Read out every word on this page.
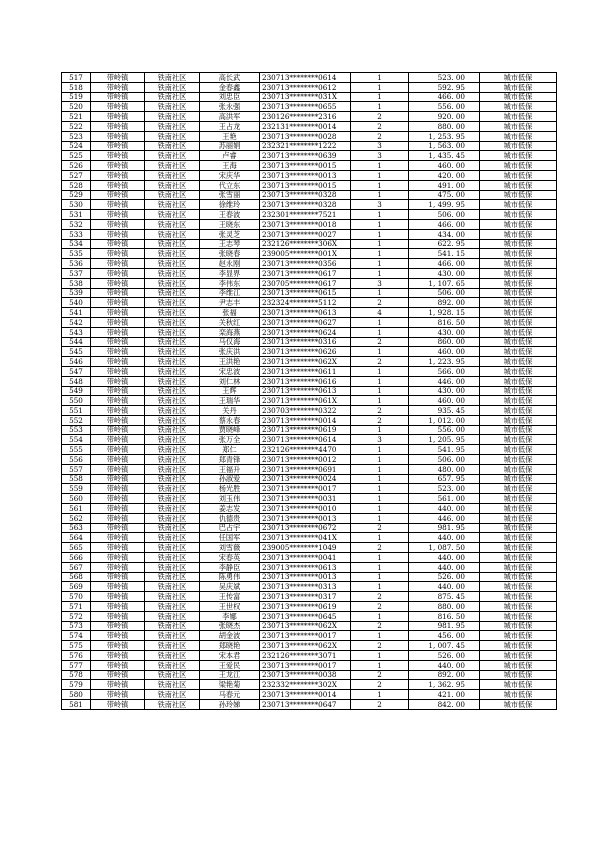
517	带岭镇	铁南社区	高长武	230713********0614	1	523. 00	城市低保
518	带岭镇	铁南社区	金春鑫	230713********0612	1	592. 95	城市低保
519	带岭镇	铁南社区	刘忠臣	230713********031X	1	466. 00	城市低保
520	带岭镇	铁南社区	张永强	230713********0655	1	556. 00	城市低保
521	带岭镇	铁南社区	高洪军	230126********2316	2	920. 00	城市低保
522	带岭镇	铁南社区	王占龙	232131********0014	2	880. 00	城市低保
523	带岭镇	铁南社区	王艳	230713********0028	2	1, 253. 95	城市低保
524	带岭镇	铁南社区	苏丽娟	232321********1222	3	1, 563. 00	城市低保
525	带岭镇	铁南社区	卢睿	230713********0639	3	1, 435. 45	城市低保
526	带岭镇	铁南社区	王海	230713********0015	1	460. 00	城市低保
527	带岭镇	铁南社区	宋庆华	230713********0013	1	420. 00	城市低保
528	带岭镇	铁南社区	代立东	230713********0015	1	491. 00	城市低保
529	带岭镇	铁南社区	张雪丽	230713********0328	1	475. 00	城市低保
530	带岭镇	铁南社区	徐维玲	230713********0328	3	1, 499. 95	城市低保
531	带岭镇	铁南社区	王春波	232301********7521	1	506. 00	城市低保
532	带岭镇	铁南社区	王晓东	230713********0018	1	466. 00	城市低保
533	带岭镇	铁南社区	张灵芝	230713********0027	1	434. 00	城市低保
534	带岭镇	铁南社区	王志琴	232126********306X	1	622. 95	城市低保
535	带岭镇	铁南社区	张晓春	239005********001X	1	541. 15	城市低保
536	带岭镇	铁南社区	赵永刚	230713********0356	1	466. 00	城市低保
537	带岭镇	铁南社区	李显界	230713********0617	1	430. 00	城市低保
538	带岭镇	铁南社区	李伟东	230705********0617	3	1, 107. 65	城市低保
539	带岭镇	铁南社区	李维江	230713********0615	1	506. 00	城市低保
540	带岭镇	铁南社区	尹志丰	232324********5112	2	892. 00	城市低保
541	带岭镇	铁南社区	张福	230713********0613	4	1, 928. 15	城市低保
542	带岭镇	铁南社区	关秋红	230713********0627	1	816. 50	城市低保
543	带岭镇	铁南社区	栾海燕	230713********0624	1	430. 00	城市低保
544	带岭镇	铁南社区	马仅海	230713********0316	2	860. 00	城市低保
545	带岭镇	铁南社区	张庆洪	230713********0626	1	460. 00	城市低保
546	带岭镇	铁南社区	王洪艳	230713********062X	2	1, 223. 95	城市低保
547	带岭镇	铁南社区	宋忠波	230713********0611	1	566. 00	城市低保
548	带岭镇	铁南社区	刘仁林	230713********0616	1	446. 00	城市低保
549	带岭镇	铁南社区	王辉	230713********0613	1	430. 00	城市低保
550	带岭镇	铁南社区	王瑞华	230713********061X	1	460. 00	城市低保
551	带岭镇	铁南社区	关丹	230703********0322	2	935. 45	城市低保
552	带岭镇	铁南社区	蔡永春	230713********0014	2	1, 012. 00	城市低保
553	带岭镇	铁南社区	贾晓峰	230713********0619	1	556. 00	城市低保
554	带岭镇	铁南社区	张万全	230713********0614	3	1, 205. 95	城市低保
555	带岭镇	铁南社区	郑仁	232126********4470	1	541. 95	城市低保
556	带岭镇	铁南社区	郑青锋	230713********0012	1	506. 00	城市低保
557	带岭镇	铁南社区	王福升	230713********0691	1	480. 00	城市低保
558	带岭镇	铁南社区	孙淑爱	230713********0024	1	657. 95	城市低保
559	带岭镇	铁南社区	杨光胜	230713********0017	1	523. 00	城市低保
560	带岭镇	铁南社区	刘玉伟	230713********0031	1	561. 00	城市低保
561	带岭镇	铁南社区	姜志发	230713********0010	1	440. 00	城市低保
562	带岭镇	铁南社区	仇德贵	230713********0013	1	446. 00	城市低保
563	带岭镇	铁南社区	巴占宇	230713********0672	2	981. 95	城市低保
564	带岭镇	铁南社区	任国军	230713********041X	1	440. 00	城市低保
565	带岭镇	铁南社区	刘雪薇	239005********1049	2	1, 087. 50	城市低保
566	带岭镇	铁南社区	宋春英	230713********0041	1	440. 00	城市低保
567	带岭镇	铁南社区	李静臣	230713********0613	1	440. 00	城市低保
568	带岭镇	铁南社区	陈勇伟	230713********0013	1	526. 00	城市低保
569	带岭镇	铁南社区	吴庆斌	230713********0313	1	440. 00	城市低保
570	带岭镇	铁南社区	王传富	230713********0317	2	875. 45	城市低保
571	带岭镇	铁南社区	王世权	230713********0619	2	880. 00	城市低保
572	带岭镇	铁南社区	李娜	230713********0645	1	816. 50	城市低保
573	带岭镇	铁南社区	张晓杰	230713********062X	2	981. 95	城市低保
574	带岭镇	铁南社区	胡金波	230713********0017	1	456. 00	城市低保
575	带岭镇	铁南社区	郑晓艳	230713********062X	2	1, 007. 45	城市低保
576	带岭镇	铁南社区	宋本君	232126********3071	1	526. 00	城市低保
577	带岭镇	铁南社区	王爱民	230713********0017	1	440. 00	城市低保
578	带岭镇	铁南社区	王龙江	230713********0038	2	892. 00	城市低保
579	带岭镇	铁南社区	梁艳菊	232332********302X	2	1, 362. 95	城市低保
580	带岭镇	铁南社区	马春元	230713********0014	1	421. 00	城市低保
581	带岭镇	铁南社区	孙玲娣	230713********0647	2	842. 00	城市低保
